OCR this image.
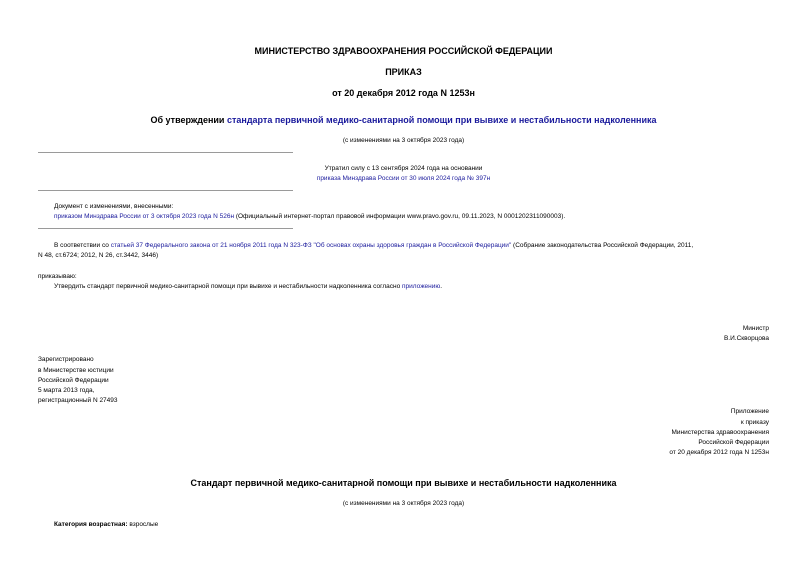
МИНИСТЕРСТВО ЗДРАВООХРАНЕНИЯ РОССИЙСКОЙ ФЕДЕРАЦИИ
ПРИКАЗ
от 20 декабря 2012 года N 1253н
Об утверждении стандарта первичной медико-санитарной помощи при вывихе и нестабильности надколенника
(с изменениями на 3 октября 2023 года)
Утратил силу с 13 сентября 2024 года на основании
приказа Минздрава России от 30 июля 2024 года № 397н
Документ с изменениями, внесенными:
приказом Минздрава России от 3 октября 2023 года N 526н (Официальный интернет-портал правовой информации www.pravo.gov.ru, 09.11.2023, N 0001202311090003).
В соответствии со статьей 37 Федерального закона от 21 ноября 2011 года N 323-ФЗ "Об основах охраны здоровья граждан в Российской Федерации" (Собрание законодательства Российской Федерации, 2011,
N 48, ст.6724; 2012, N 26, ст.3442, 3446)
приказываю:
Утвердить стандарт первичной медико-санитарной помощи при вывихе и нестабильности надколенника согласно приложению.
Министр
В.И.Скворцова
Зарегистрировано
в Министерстве юстиции
Российской Федерации
5 марта 2013 года,
регистрационный N 27493
Приложение
к приказу
Министерства здравоохранения
Российской Федерации
от 20 декабря 2012 года N 1253н
Стандарт первичной медико-санитарной помощи при вывихе и нестабильности надколенника
(с изменениями на 3 октября 2023 года)
Категория возрастная: взрослые
